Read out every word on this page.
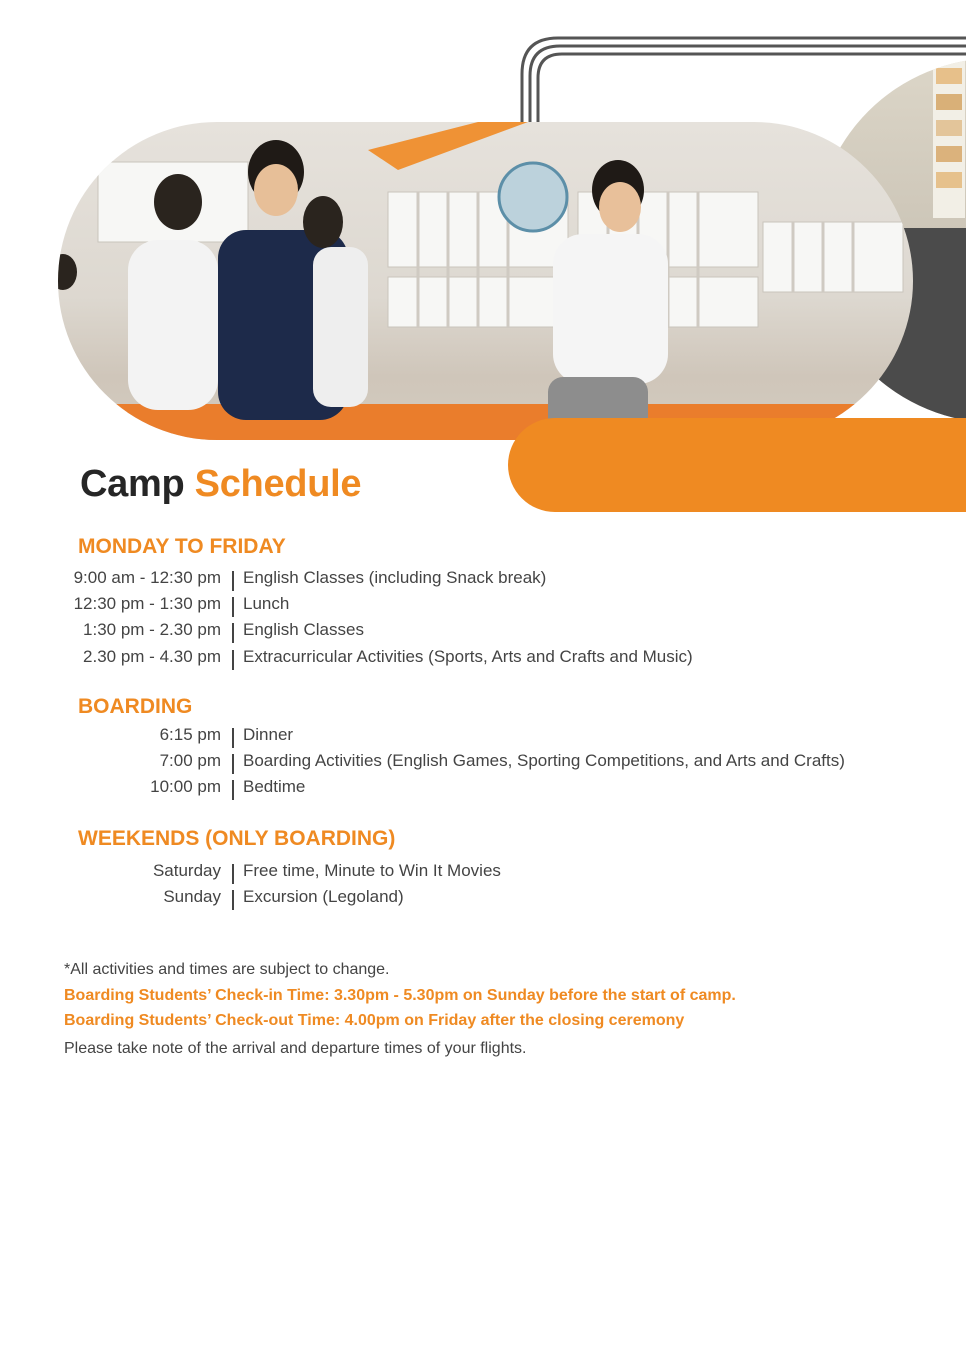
Camp Schedule
MONDAY TO FRIDAY
9:00 am - 12:30 pm English Classes (including Snack break)
12:30 pm - 1:30 pm Lunch
1:30 pm - 2.30 pm English Classes
2.30 pm - 4.30 pm Extracurricular Activities (Sports, Arts and Crafts and Music)
BOARDING
6:15 pm Dinner
7:00 pm Boarding Activities (English Games, Sporting Competitions, and Arts and Crafts)
10:00 pm Bedtime
WEEKENDS (ONLY BOARDING)
Saturday Free time, Minute to Win It Movies
Sunday Excursion (Legoland)

*All activities and times are subject to change.

Boarding Students’ Check-in Time: 3.30pm - 5.30pm on Sunday before the start of camp.

Boarding Students’ Check-out Time: 4.00pm on Friday after the closing ceremony

Please take note of the arrival and departure times of your flights.
